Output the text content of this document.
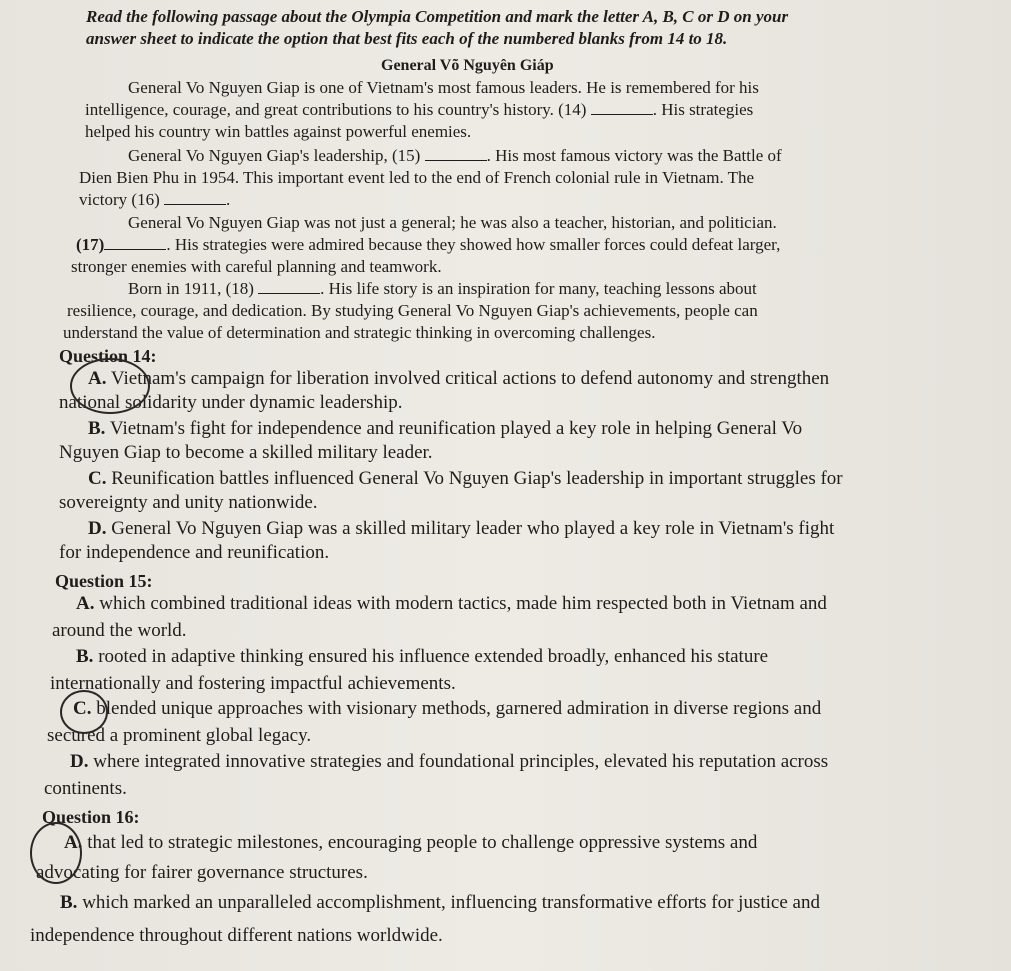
Read the following passage about the Olympia Competition and mark the letter A, B, C or D on your
answer sheet to indicate the option that best fits each of the numbered blanks from 14 to 18.
General Võ Nguyên Giáp
General Vo Nguyen Giap is one of Vietnam's most famous leaders. He is remembered for his
intelligence, courage, and great contributions to his country's history. (14)	. His strategies
helped his country win battles against powerful enemies.
General Vo Nguyen Giap's leadership, (15)	. His most famous victory was the Battle of
Dien Bien Phu in 1954. This important event led to the end of French colonial rule in Vietnam. The
victory (16)	.
General Vo Nguyen Giap was not just a general; he was also a teacher, historian, and politician.
(17)	. His strategies were admired because they showed how smaller forces could defeat larger,
stronger enemies with careful planning and teamwork.
Born in 1911, (18)	. His life story is an inspiration for many, teaching lessons about
resilience, courage, and dedication. By studying General Vo Nguyen Giap's achievements, people can
understand the value of determination and strategic thinking in overcoming challenges.
Question 14:
A. Vietnam's campaign for liberation involved critical actions to defend autonomy and strengthen
national solidarity under dynamic leadership.
B. Vietnam's fight for independence and reunification played a key role in helping General Vo
Nguyen Giap to become a skilled military leader.
C. Reunification battles influenced General Vo Nguyen Giap's leadership in important struggles for
sovereignty and unity nationwide.
D. General Vo Nguyen Giap was a skilled military leader who played a key role in Vietnam's fight
for independence and reunification.
Question 15:
A. which combined traditional ideas with modern tactics, made him respected both in Vietnam and
around the world.
B. rooted in adaptive thinking ensured his influence extended broadly, enhanced his stature
internationally and fostering impactful achievements.
C. blended unique approaches with visionary methods, garnered admiration in diverse regions and
secured a prominent global legacy.
D. where integrated innovative strategies and foundational principles, elevated his reputation across
continents.
Question 16:
A. that led to strategic milestones, encouraging people to challenge oppressive systems and
advocating for fairer governance structures.
B. which marked an unparalleled accomplishment, influencing transformative efforts for justice and
independence throughout different nations worldwide.
